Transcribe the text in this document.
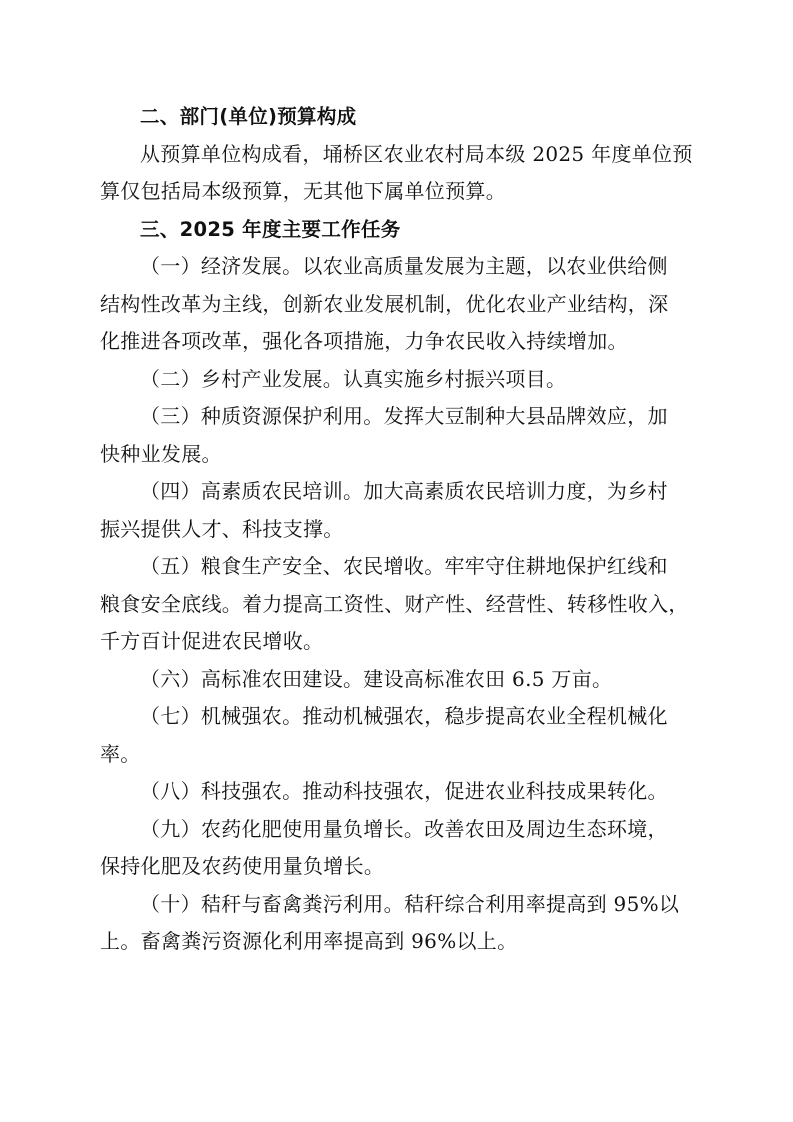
二、部门(单位)预算构成
从预算单位构成看，埇桥区农业农村局本级 2025 年度单位预
算仅包括局本级预算，无其他下属单位预算。
三、2025 年度主要工作任务
（一）经济发展。以农业高质量发展为主题，以农业供给侧
结构性改革为主线，创新农业发展机制，优化农业产业结构，深
化推进各项改革，强化各项措施，力争农民收入持续增加。
（二）乡村产业发展。认真实施乡村振兴项目。
（三）种质资源保护利用。发挥大豆制种大县品牌效应，加
快种业发展。
（四）高素质农民培训。加大高素质农民培训力度，为乡村
振兴提供人才、科技支撑。
（五）粮食生产安全、农民增收。牢牢守住耕地保护红线和
粮食安全底线。着力提高工资性、财产性、经营性、转移性收入，
千方百计促进农民增收。
（六）高标准农田建设。建设高标准农田 6.5 万亩。
（七）机械强农。推动机械强农，稳步提高农业全程机械化
率。
（八）科技强农。推动科技强农，促进农业科技成果转化。
（九）农药化肥使用量负增长。改善农田及周边生态环境，
保持化肥及农药使用量负增长。
（十）秸秆与畜禽粪污利用。秸秆综合利用率提高到 95%以
上。畜禽粪污资源化利用率提高到 96%以上。
